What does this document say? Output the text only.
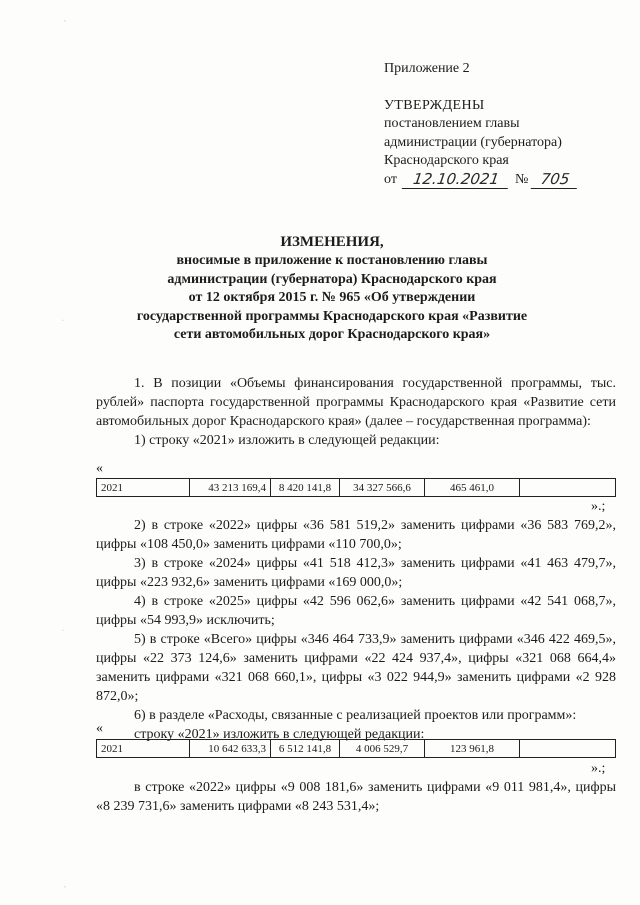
ˏ
·
·
ˏ
Приложение 2
УТВЕРЖДЕНЫ
постановлением главы
администрации (губернатора)
Краснодарского края
от 12.10.2021	№ 705
ИЗМЕНЕНИЯ,
вносимые в приложение к постановлению главы
администрации (губернатора) Краснодарского края
от 12 октября 2015 г. № 965 «Об утверждении
государственной программы Краснодарского края «Развитие
сети автомобильных дорог Краснодарского края»

1. В позиции «Объемы финансирования государственной программы, тыс. рублей» паспорта государственной программы Краснодарского края «Развитие сети автомобильных дорог Краснодарского края» (далее – государственная программа):

1) строку «2021» изложить в следующей редакции:

«
2021	43 213 169,4	8 420 141,8	34 327 566,6	465 461,0	
».;

2) в строке «2022» цифры «36 581 519,2» заменить цифрами «36 583 769,2», цифры «108 450,0» заменить цифрами «110 700,0»;

3) в строке «2024» цифры «41 518 412,3» заменить цифрами «41 463 479,7», цифры «223 932,6» заменить цифрами «169 000,0»;

4) в строке «2025» цифры «42 596 062,6» заменить цифрами «42 541 068,7», цифры «54 993,9» исключить;

5) в строке «Всего» цифры «346 464 733,9» заменить цифрами «346 422 469,5», цифры «22 373 124,6» заменить цифрами «22 424 937,4», цифры «321 068 664,4» заменить цифрами «321 068 660,1», цифры «3 022 944,9» заменить цифрами «2 928 872,0»;

6) в разделе «Расходы, связанные с реализацией проектов или программ»:

строку «2021» изложить в следующей редакции:

«
2021	10 642 633,3	6 512 141,8	4 006 529,7	123 961,8	
».;

в строке «2022» цифры «9 008 181,6» заменить цифрами «9 011 981,4», цифры «8 239 731,6» заменить цифрами «8 243 531,4»;
